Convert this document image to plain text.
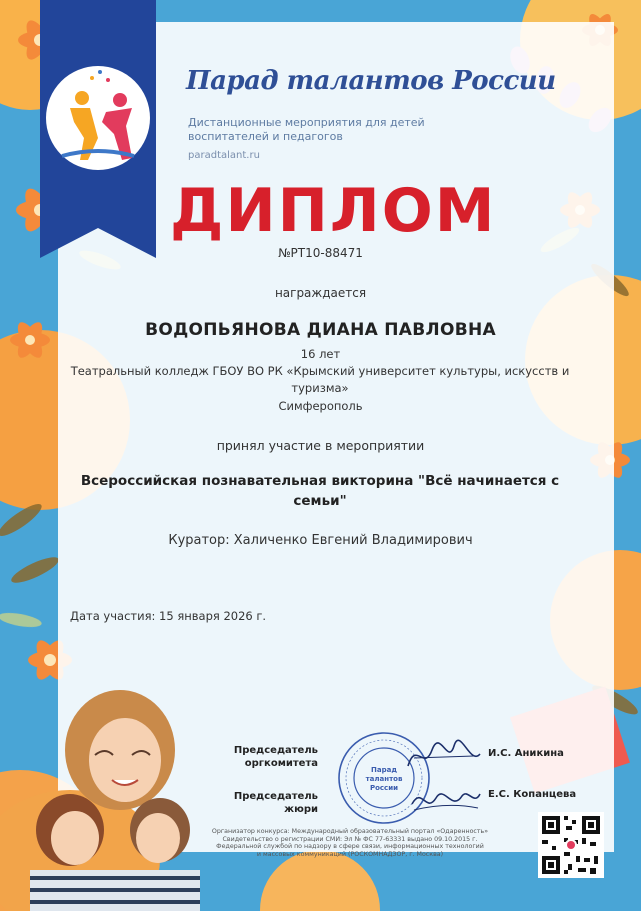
Парад талантов России
Дистанционные мероприятия для детей воспитателей и педагогов
paradtalant.ru
ДИПЛОМ
№РТ10-88471
награждается
ВОДОПЬЯНОВА ДИАНА ПАВЛОВНА
16 лет
Театральный колледж ГБОУ ВО РК «Крымский университет культуры, искусств и туризма»
Симферополь
принял участие в мероприятии
Всероссийская познавательная викторина "Всё начинается с семьи"
Куратор: Халиченко Евгений Владимирович
Дата участия: 15 января 2026 г.
Председатель
оргкомитета
И.С. Аникина
Председатель
жюри
Е.С. Копанцева
Парад
талантов
России
Организатор конкурса: Международный образовательный портал «Одаренность»
Свидетельство о регистрации СМИ: Эл № ФС 77-63331 выдано 09.10.2015 г.
Федеральной службой по надзору в сфере связи, информационных технологий
и массовых коммуникаций (РОСКОМНАДЗОР, г. Москва)
